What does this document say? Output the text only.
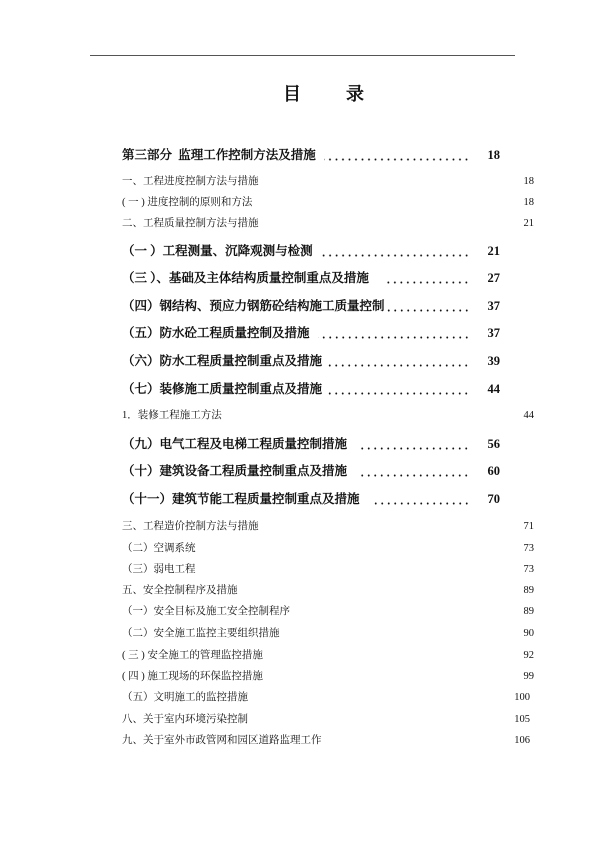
目　　录
第三部分  监理工作控制方法及措施	18
一、工程进度控制方法与措施	18
( 一 ) 进度控制的原则和方法	18
二、工程质量控制方法与措施	21
（一 ）工程测量、沉降观测与检测	21
（三 ）、基础及主体结构质量控制重点及措施	27
（四）钢结构、预应力钢筋砼结构施工质量控制	37
（五）防水砼工程质量控制及措施	37
（六）防水工程质量控制重点及措施	39
（七）装修施工质量控制重点及措施	44
1．装修工程施工方法	44
（九）电气工程及电梯工程质量控制措施	56
（十）建筑设备工程质量控制重点及措施	60
（十一）建筑节能工程质量控制重点及措施	70
三、工程造价控制方法与措施	71
（二）空调系统	73
（三）弱电工程	73
五、安全控制程序及措施	89
（一）安全目标及施工安全控制程序	89
（二）安全施工监控主要组织措施	90
( 三 ) 安全施工的管理监控措施	92
( 四 ) 施工现场的环保监控措施	99
（五）文明施工的监控措施	100
八、关于室内环境污染控制	105
九、关于室外市政管网和园区道路监理工作	106
